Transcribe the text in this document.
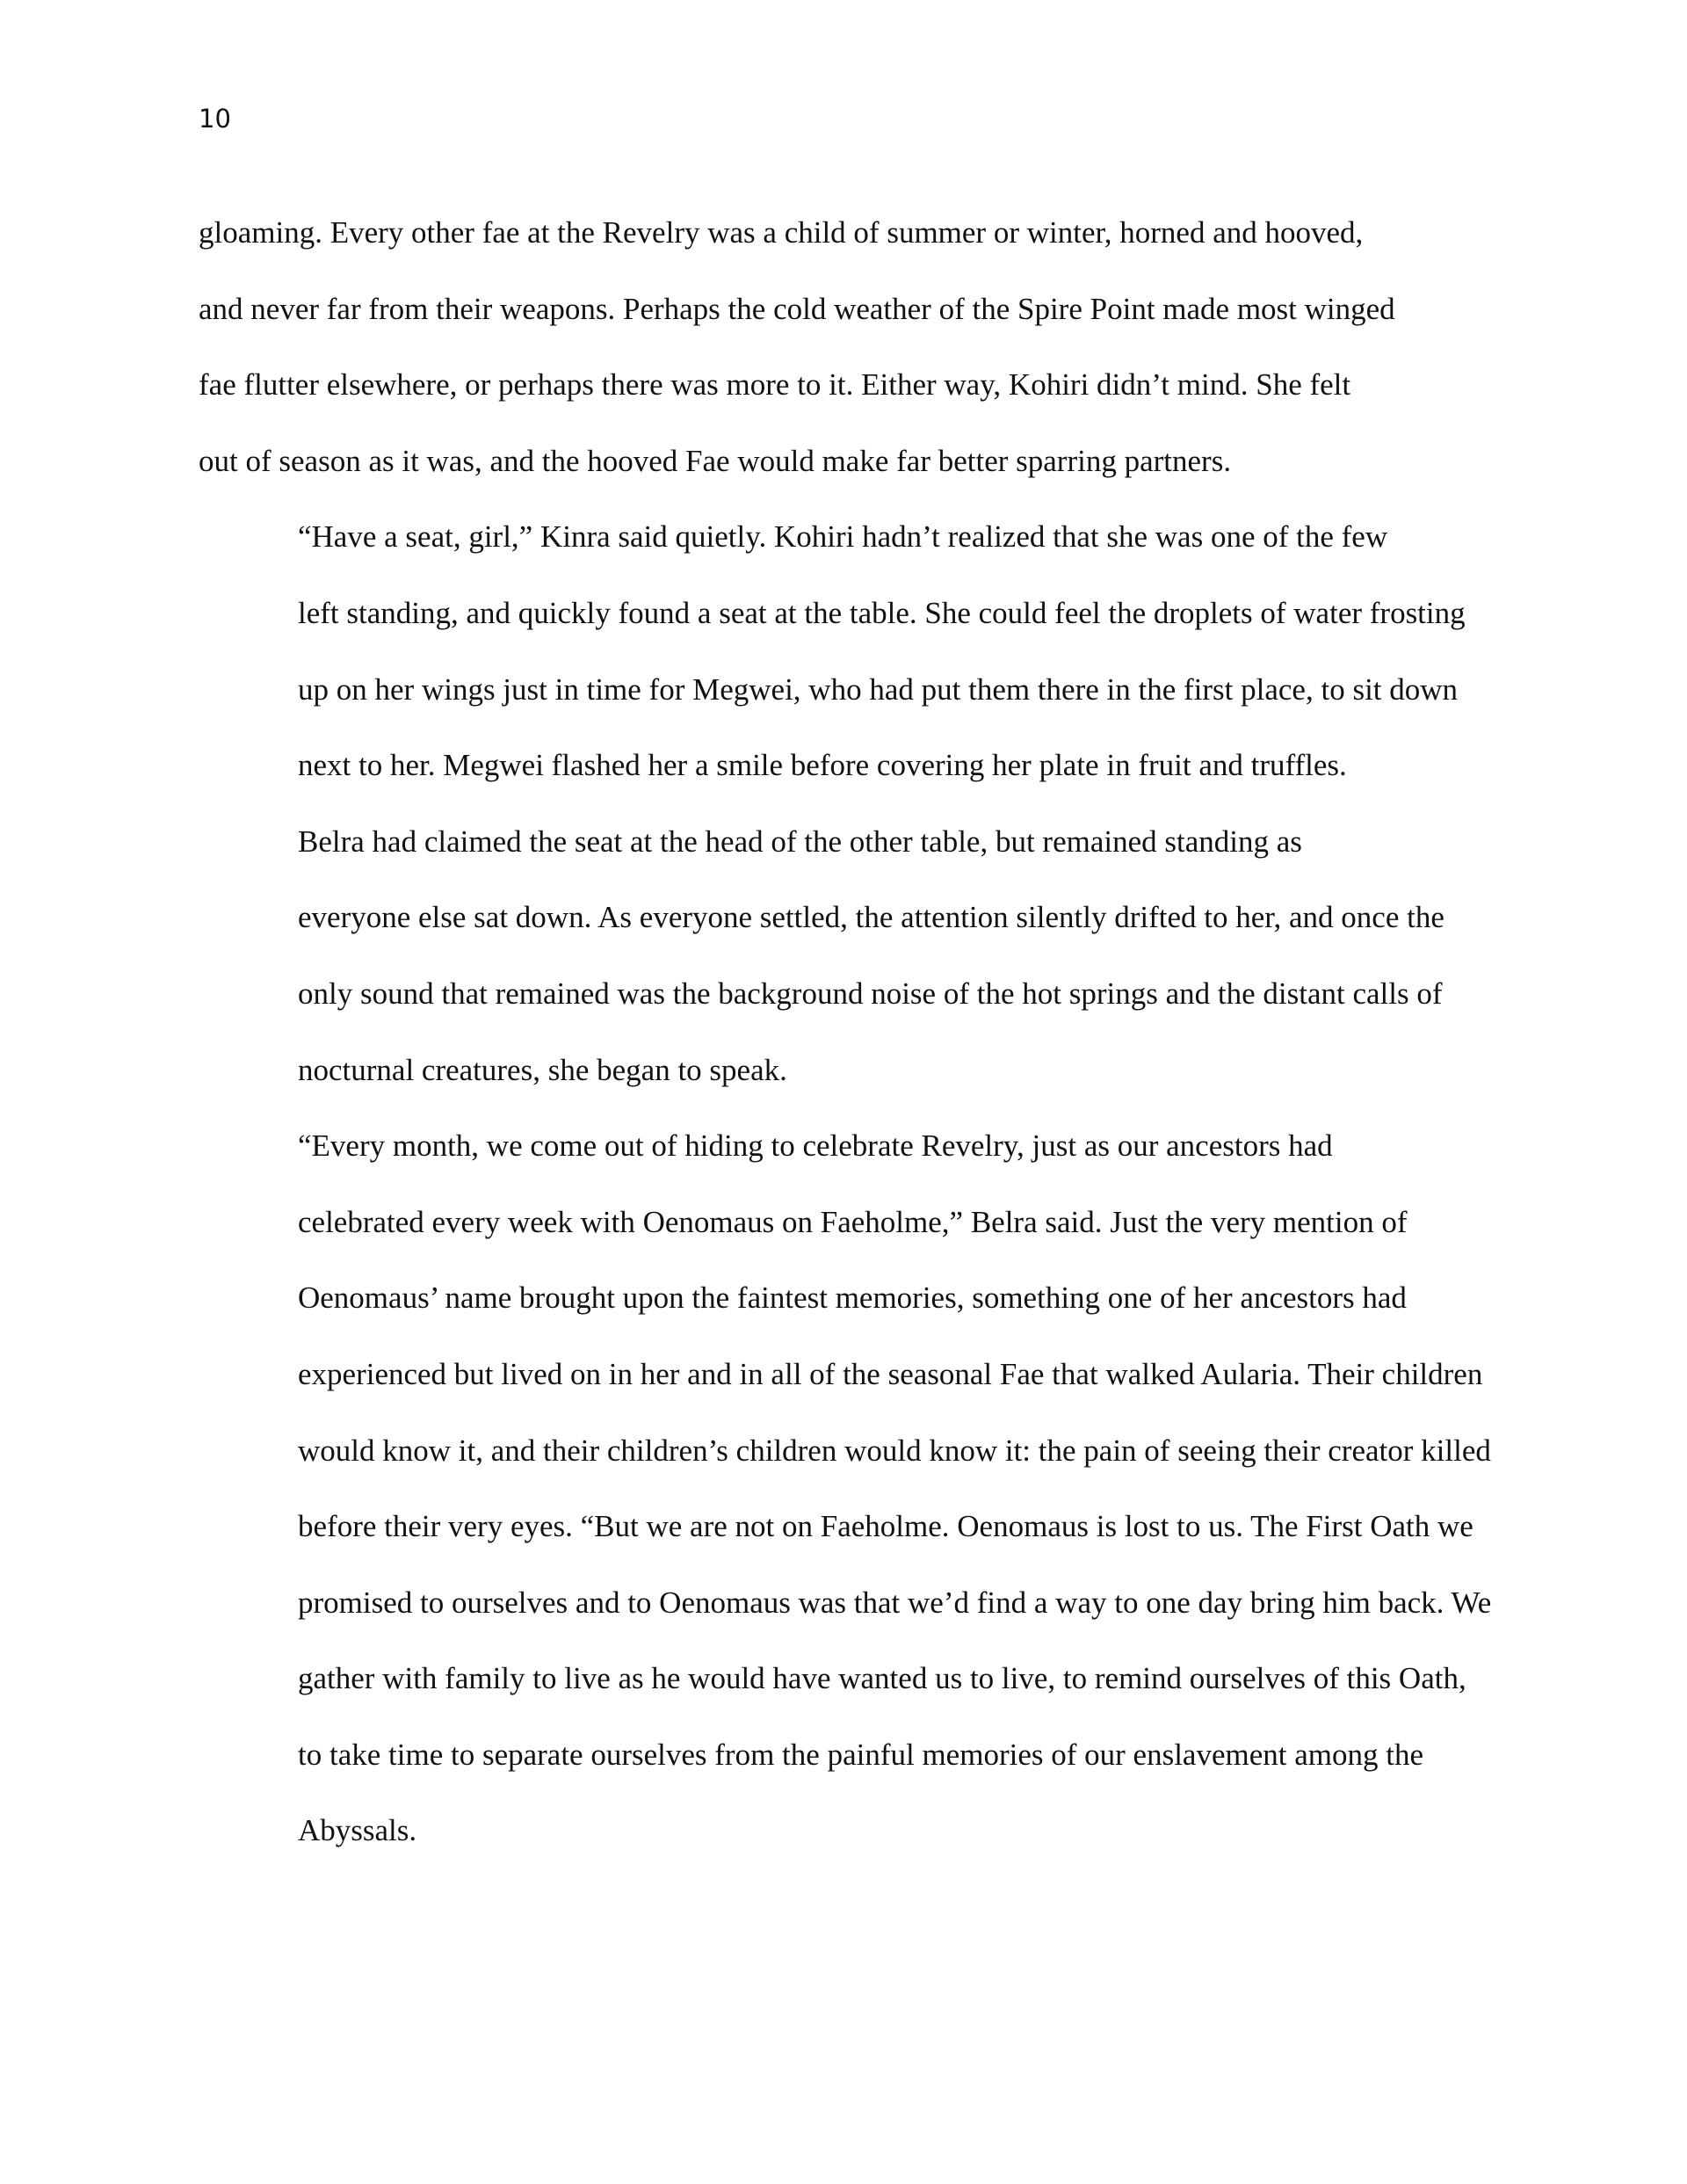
10

gloaming. Every other fae at the Revelry was a child of summer or winter, horned and hooved,
and never far from their weapons. Perhaps the cold weather of the Spire Point made most winged
fae flutter elsewhere, or perhaps there was more to it. Either way, Kohiri didn’t mind. She felt
out of season as it was, and the hooved Fae would make far better sparring partners.

“Have a seat, girl,” Kinra said quietly. Kohiri hadn’t realized that she was one of the few
left standing, and quickly found a seat at the table. She could feel the droplets of water frosting
up on her wings just in time for Megwei, who had put them there in the first place, to sit down
next to her. Megwei flashed her a smile before covering her plate in fruit and truffles.

Belra had claimed the seat at the head of the other table, but remained standing as
everyone else sat down. As everyone settled, the attention silently drifted to her, and once the
only sound that remained was the background noise of the hot springs and the distant calls of
nocturnal creatures, she began to speak.

“Every month, we come out of hiding to celebrate Revelry, just as our ancestors had
celebrated every week with Oenomaus on Faeholme,” Belra said. Just the very mention of
Oenomaus’ name brought upon the faintest memories, something one of her ancestors had
experienced but lived on in her and in all of the seasonal Fae that walked Aularia. Their children
would know it, and their children’s children would know it: the pain of seeing their creator killed
before their very eyes. “But we are not on Faeholme. Oenomaus is lost to us. The First Oath we
promised to ourselves and to Oenomaus was that we’d find a way to one day bring him back. We
gather with family to live as he would have wanted us to live, to remind ourselves of this Oath,
to take time to separate ourselves from the painful memories of our enslavement among the
Abyssals.
